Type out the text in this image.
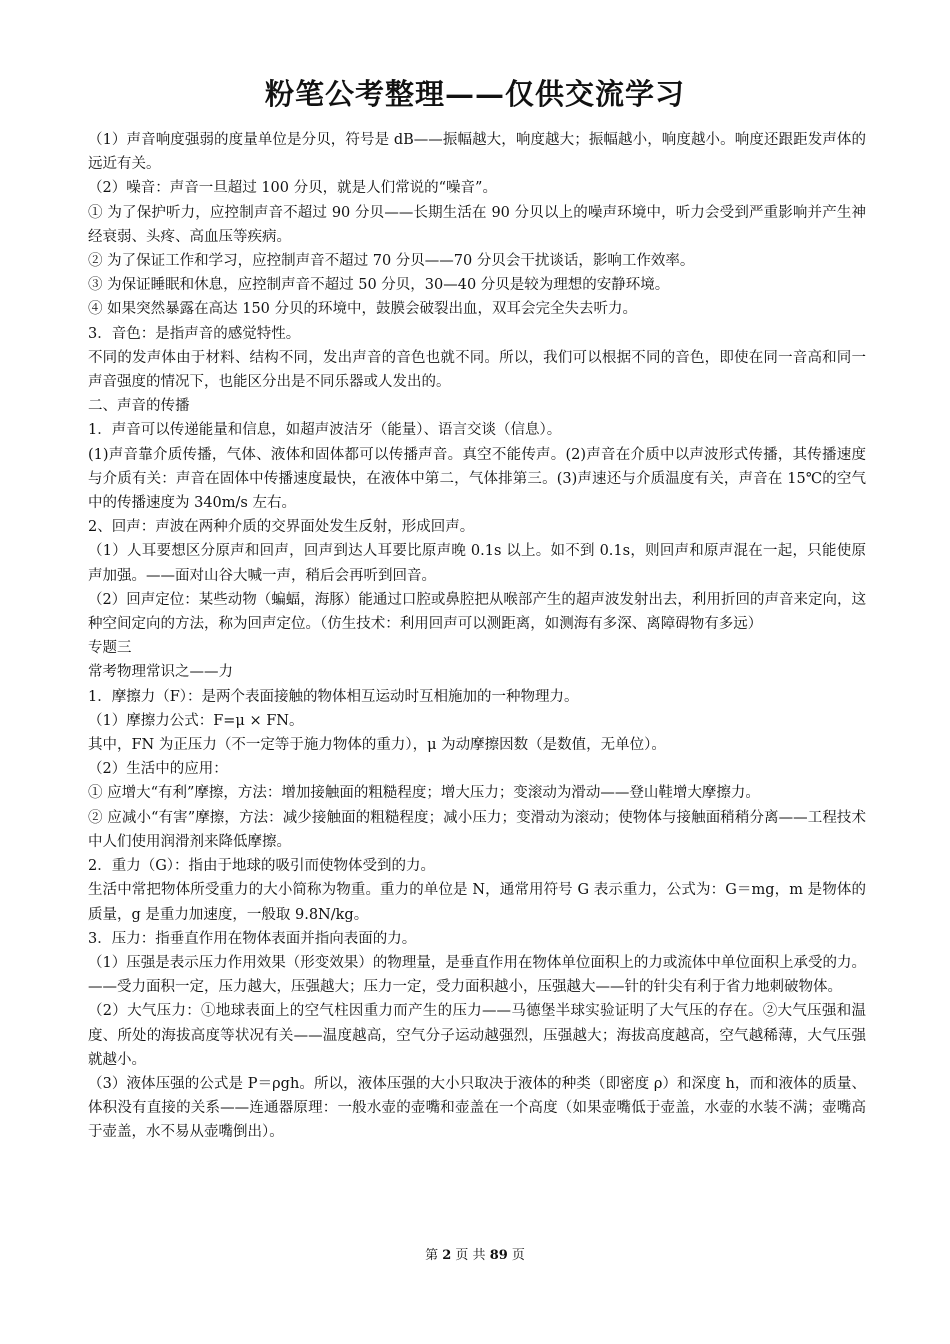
粉笔公考整理——仅供交流学习

（1）声音响度强弱的度量单位是分贝，符号是 dB——振幅越大，响度越大；振幅越小，响度越小。响度还跟距发声体的远近有关。

（2）噪音：声音一旦超过 100 分贝，就是人们常说的“噪音”。

① 为了保护听力，应控制声音不超过 90 分贝——长期生活在 90 分贝以上的噪声环境中，听力会受到严重影响并产生神经衰弱、头疼、高血压等疾病。

② 为了保证工作和学习，应控制声音不超过 70 分贝——70 分贝会干扰谈话，影响工作效率。

③ 为保证睡眠和休息，应控制声音不超过 50 分贝，30—40 分贝是较为理想的安静环境。

④ 如果突然暴露在高达 150 分贝的环境中，鼓膜会破裂出血，双耳会完全失去听力。

3．音色：是指声音的感觉特性。

不同的发声体由于材料、结构不同，发出声音的音色也就不同。所以，我们可以根据不同的音色，即使在同一音高和同一声音强度的情况下，也能区分出是不同乐器或人发出的。

二、声音的传播

1．声音可以传递能量和信息，如超声波洁牙（能量）、语言交谈（信息）。

(1)声音靠介质传播，气体、液体和固体都可以传播声音。真空不能传声。(2)声音在介质中以声波形式传播，其传播速度与介质有关：声音在固体中传播速度最快，在液体中第二，气体排第三。(3)声速还与介质温度有关，声音在 15℃的空气中的传播速度为 340m/s 左右。

2、回声：声波在两种介质的交界面处发生反射，形成回声。

（1）人耳要想区分原声和回声，回声到达人耳要比原声晚 0.1s 以上。如不到 0.1s，则回声和原声混在一起，只能使原声加强。——面对山谷大喊一声，稍后会再听到回音。

（2）回声定位：某些动物（蝙蝠，海豚）能通过口腔或鼻腔把从喉部产生的超声波发射出去，利用折回的声音来定向，这种空间定向的方法，称为回声定位。（仿生技术：利用回声可以测距离，如测海有多深、离障碍物有多远）

专题三

常考物理常识之——力

1．摩擦力（F）：是两个表面接触的物体相互运动时互相施加的一种物理力。

（1）摩擦力公式：F=μ × FN。

其中，FN 为正压力（不一定等于施力物体的重力），μ 为动摩擦因数（是数值，无单位）。

（2）生活中的应用：

① 应增大“有利”摩擦，方法：增加接触面的粗糙程度；增大压力；变滚动为滑动——登山鞋增大摩擦力。

② 应减小“有害”摩擦，方法：减少接触面的粗糙程度；减小压力；变滑动为滚动；使物体与接触面稍稍分离——工程技术中人们使用润滑剂来降低摩擦。

2．重力（G）：指由于地球的吸引而使物体受到的力。

生活中常把物体所受重力的大小简称为物重。重力的单位是 N，通常用符号 G 表示重力，公式为：G＝mg，m 是物体的质量，g 是重力加速度，一般取 9.8N/kg。

3．压力：指垂直作用在物体表面并指向表面的力。

（1）压强是表示压力作用效果（形变效果）的物理量，是垂直作用在物体单位面积上的力或流体中单位面积上承受的力。——受力面积一定，压力越大，压强越大；压力一定，受力面积越小，压强越大——针的针尖有利于省力地刺破物体。

（2）大气压力：①地球表面上的空气柱因重力而产生的压力——马德堡半球实验证明了大气压的存在。②大气压强和温度、所处的海拔高度等状况有关——温度越高，空气分子运动越强烈，压强越大；海拔高度越高，空气越稀薄，大气压强就越小。

（3）液体压强的公式是 P＝ρgh。所以，液体压强的大小只取决于液体的种类（即密度 ρ）和深度 h，而和液体的质量、体积没有直接的关系——连通器原理：一般水壶的壶嘴和壶盖在一个高度（如果壶嘴低于壶盖，水壶的水装不满；壶嘴高于壶盖，水不易从壶嘴倒出）。

第 2 页 共 89 页
